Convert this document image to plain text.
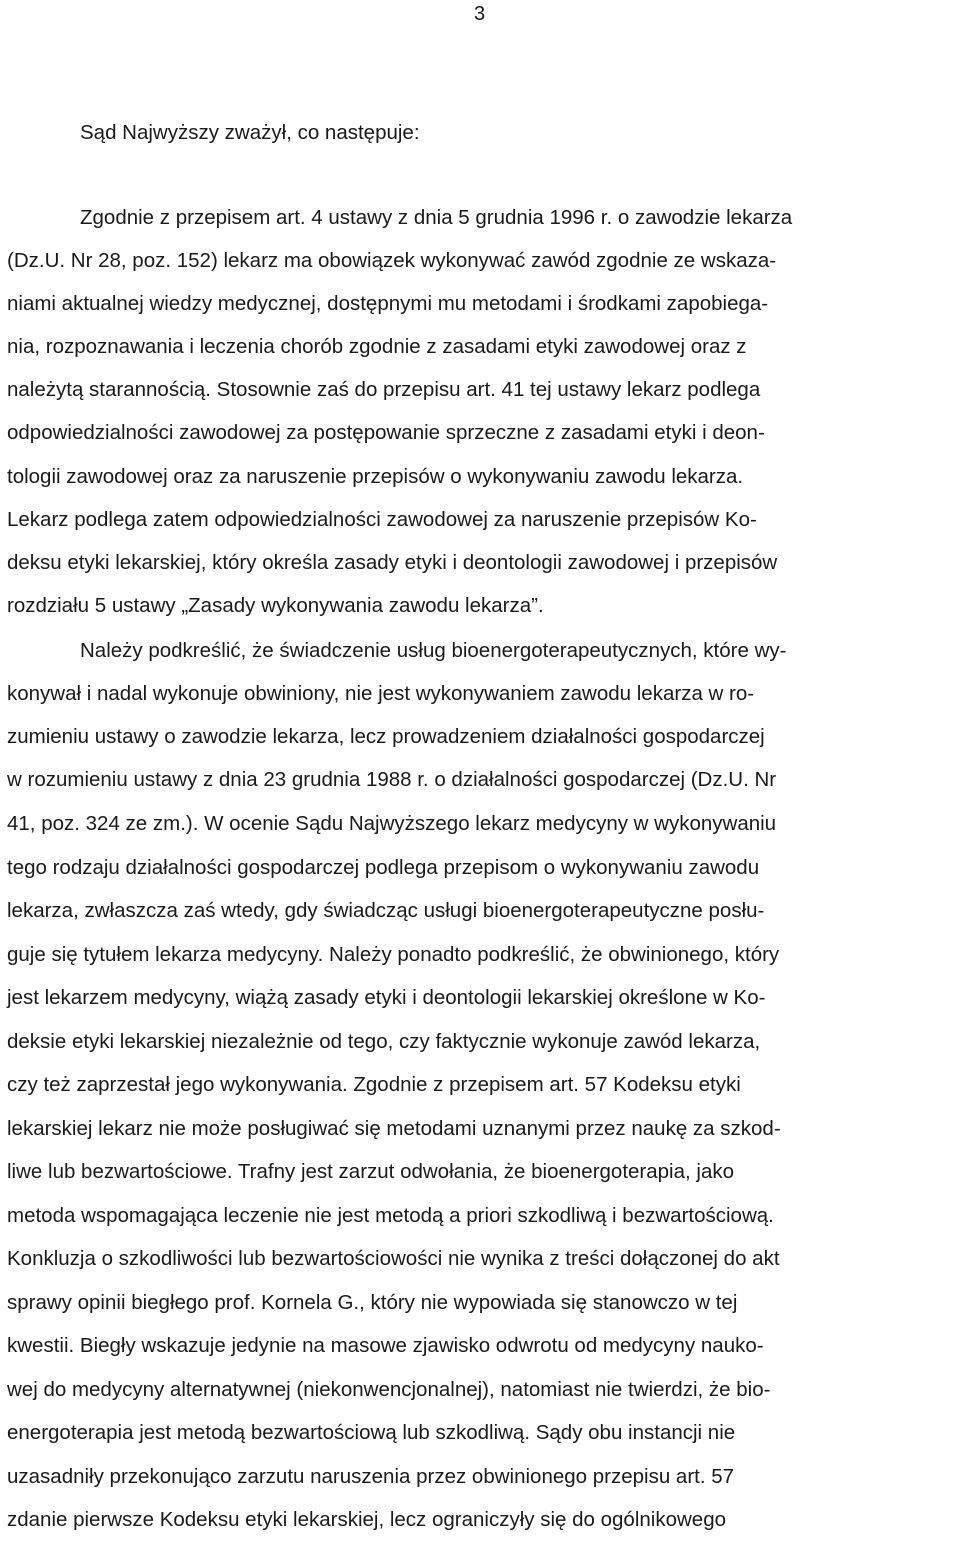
3
Sąd Najwyższy zważył, co następuje:
Zgodnie z przepisem art. 4 ustawy z dnia 5 grudnia 1996 r. o zawodzie lekarza
(Dz.U. Nr 28, poz. 152) lekarz ma obowiązek wykonywać zawód zgodnie ze wskaza-
niami aktualnej wiedzy medycznej, dostępnymi mu metodami i środkami zapobiega-
nia, rozpoznawania i leczenia chorób zgodnie z zasadami etyki zawodowej oraz z
należytą starannością. Stosownie zaś do przepisu art. 41 tej ustawy lekarz podlega
odpowiedzialności zawodowej za postępowanie sprzeczne z zasadami etyki i deon-
tologii zawodowej oraz za naruszenie przepisów o wykonywaniu zawodu lekarza.
Lekarz podlega zatem odpowiedzialności zawodowej za naruszenie przepisów Ko-
deksu etyki lekarskiej, który określa zasady etyki i deontologii zawodowej i przepisów
rozdziału 5 ustawy „Zasady wykonywania zawodu lekarza”.
Należy podkreślić, że świadczenie usług bioenergoterapeutycznych, które wy-
konywał i nadal wykonuje obwiniony, nie jest wykonywaniem zawodu lekarza w ro-
zumieniu ustawy o zawodzie lekarza, lecz prowadzeniem działalności gospodarczej
w rozumieniu ustawy z dnia 23 grudnia 1988 r. o działalności gospodarczej (Dz.U. Nr
41, poz. 324 ze zm.). W ocenie Sądu Najwyższego lekarz medycyny w wykonywaniu
tego rodzaju działalności gospodarczej podlega przepisom o wykonywaniu zawodu
lekarza, zwłaszcza zaś wtedy, gdy świadcząc usługi bioenergoterapeutyczne posłu-
guje się tytułem lekarza medycyny. Należy ponadto podkreślić, że obwinionego, który
jest lekarzem medycyny, wiążą zasady etyki i deontologii lekarskiej określone w Ko-
deksie etyki lekarskiej niezależnie od tego, czy faktycznie wykonuje zawód lekarza,
czy też zaprzestał jego wykonywania. Zgodnie z przepisem art. 57 Kodeksu etyki
lekarskiej lekarz nie może posługiwać się metodami uznanymi przez naukę za szkod-
liwe lub bezwartościowe. Trafny jest zarzut odwołania, że bioenergoterapia, jako
metoda wspomagająca leczenie nie jest metodą a priori szkodliwą i bezwartościową.
Konkluzja o szkodliwości lub bezwartościowości nie wynika z treści dołączonej do akt
sprawy opinii biegłego prof. Kornela G., który nie wypowiada się stanowczo w tej
kwestii. Biegły wskazuje jedynie na masowe zjawisko odwrotu od medycyny nauko-
wej do medycyny alternatywnej (niekonwencjonalnej), natomiast nie twierdzi, że bio-
energoterapia jest metodą bezwartościową lub szkodliwą. Sądy obu instancji nie
uzasadniły przekonująco zarzutu naruszenia przez obwinionego przepisu art. 57
zdanie pierwsze Kodeksu etyki lekarskiej, lecz ograniczyły się do ogólnikowego
